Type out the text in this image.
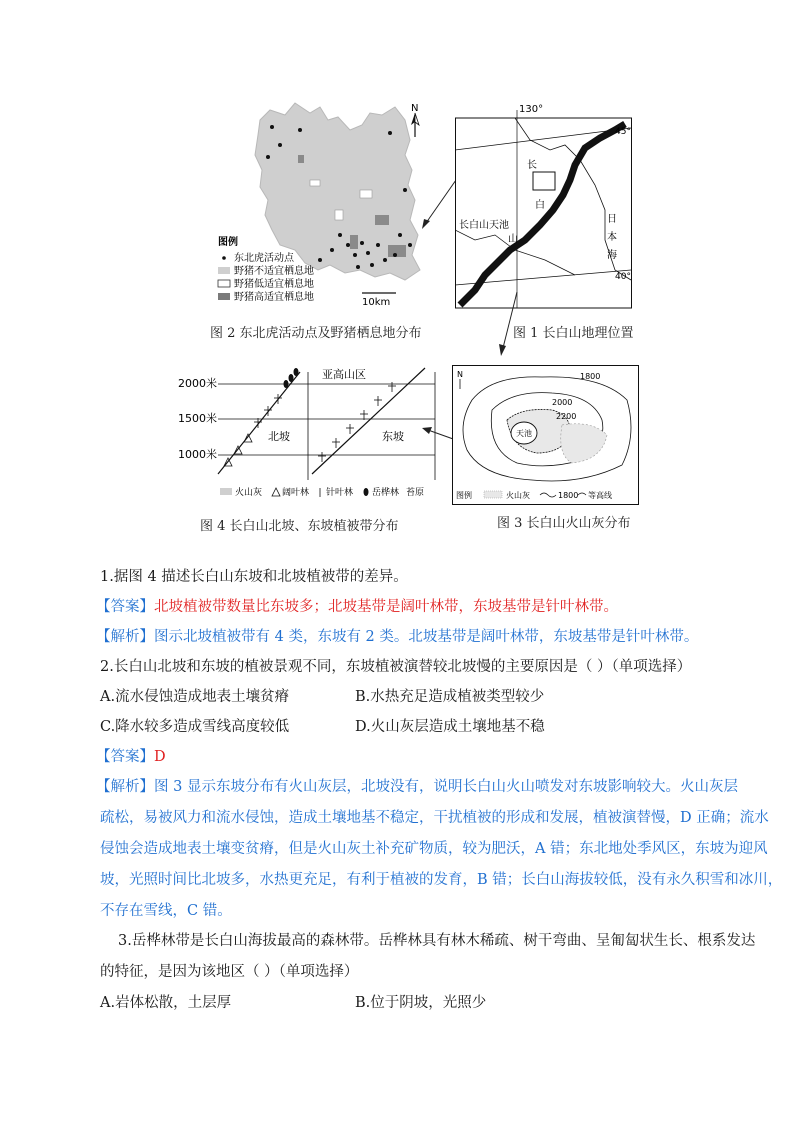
N
图例
东北虎活动点
野猪不适宜栖息地
野猪低适宜栖息地
野猪高适宜栖息地	10km
图 2 东北虎活动点及野猪栖息地分布
130°
45°
40°
长
白
长白山天池
山
日
本
海
图 1 长白山地理位置
2000米
1500米
1000米
北坡
亚高山区
东坡
火山灰 阔叶林 针叶林 岳桦林 苔原
图 4 长白山北坡、东坡植被带分布
N
天池
1800
2000
2200
图例	火山灰	1800 等高线
图 3 长白山火山灰分布
1.据图 4 描述长白山东坡和北坡植被带的差异。
【答案】北坡植被带数量比东坡多；北坡基带是阔叶林带，东坡基带是针叶林带。
【解析】图示北坡植被带有 4 类，东坡有 2 类。北坡基带是阔叶林带，东坡基带是针叶林带。
2.长白山北坡和东坡的植被景观不同，东坡植被演替较北坡慢的主要原因是（ ）（单项选择）
A.流水侵蚀造成地表土壤贫瘠	B.水热充足造成植被类型较少
C.降水较多造成雪线高度较低	D.火山灰层造成土壤地基不稳
【答案】D
【解析】图 3 显示东坡分布有火山灰层，北坡没有，说明长白山火山喷发对东坡影响较大。火山灰层
疏松，易被风力和流水侵蚀，造成土壤地基不稳定，干扰植被的形成和发展，植被演替慢，D 正确；流水
侵蚀会造成地表土壤变贫瘠，但是火山灰土补充矿物质，较为肥沃，A 错；东北地处季风区，东坡为迎风
坡，光照时间比北坡多，水热更充足，有利于植被的发育，B 错；长白山海拔较低，没有永久积雪和冰川，
不存在雪线，C 错。
3.岳桦林带是长白山海拔最高的森林带。岳桦林具有林木稀疏、树干弯曲、呈匍匐状生长、根系发达
的特征，是因为该地区（ ）（单项选择）
A.岩体松散，土层厚	B.位于阴坡，光照少
